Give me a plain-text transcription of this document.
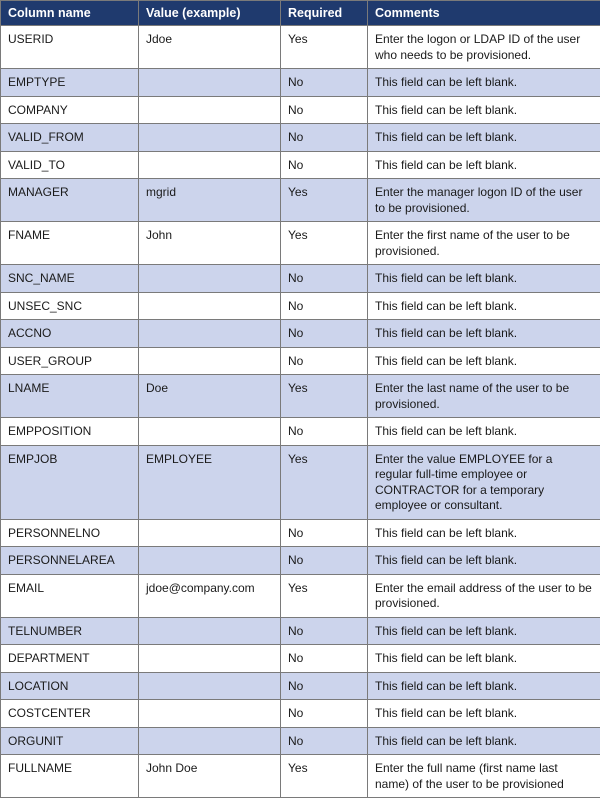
Column name	Value (example)	Required	Comments
USERID	Jdoe	Yes	Enter the logon or LDAP ID of the user who needs to be provisioned.
EMPTYPE		No	This field can be left blank.
COMPANY		No	This field can be left blank.
VALID_FROM		No	This field can be left blank.
VALID_TO		No	This field can be left blank.
MANAGER	mgrid	Yes	Enter the manager logon ID of the user to be provisioned.
FNAME	John	Yes	Enter the first name of the user to be provisioned.
SNC_NAME		No	This field can be left blank.
UNSEC_SNC		No	This field can be left blank.
ACCNO		No	This field can be left blank.
USER_GROUP		No	This field can be left blank.
LNAME	Doe	Yes	Enter the last name of the user to be provisioned.
EMPPOSITION		No	This field can be left blank.
EMPJOB	EMPLOYEE	Yes	Enter the value EMPLOYEE for a regular full-time employee or CONTRACTOR for a temporary employee or consultant.
PERSONNELNO		No	This field can be left blank.
PERSONNELAREA		No	This field can be left blank.
EMAIL	jdoe@company.com	Yes	Enter the email address of the user to be provisioned.
TELNUMBER		No	This field can be left blank.
DEPARTMENT		No	This field can be left blank.
LOCATION		No	This field can be left blank.
COSTCENTER		No	This field can be left blank.
ORGUNIT		No	This field can be left blank.
FULLNAME	John Doe	Yes	Enter the full name (first name last name) of the user to be provisioned
